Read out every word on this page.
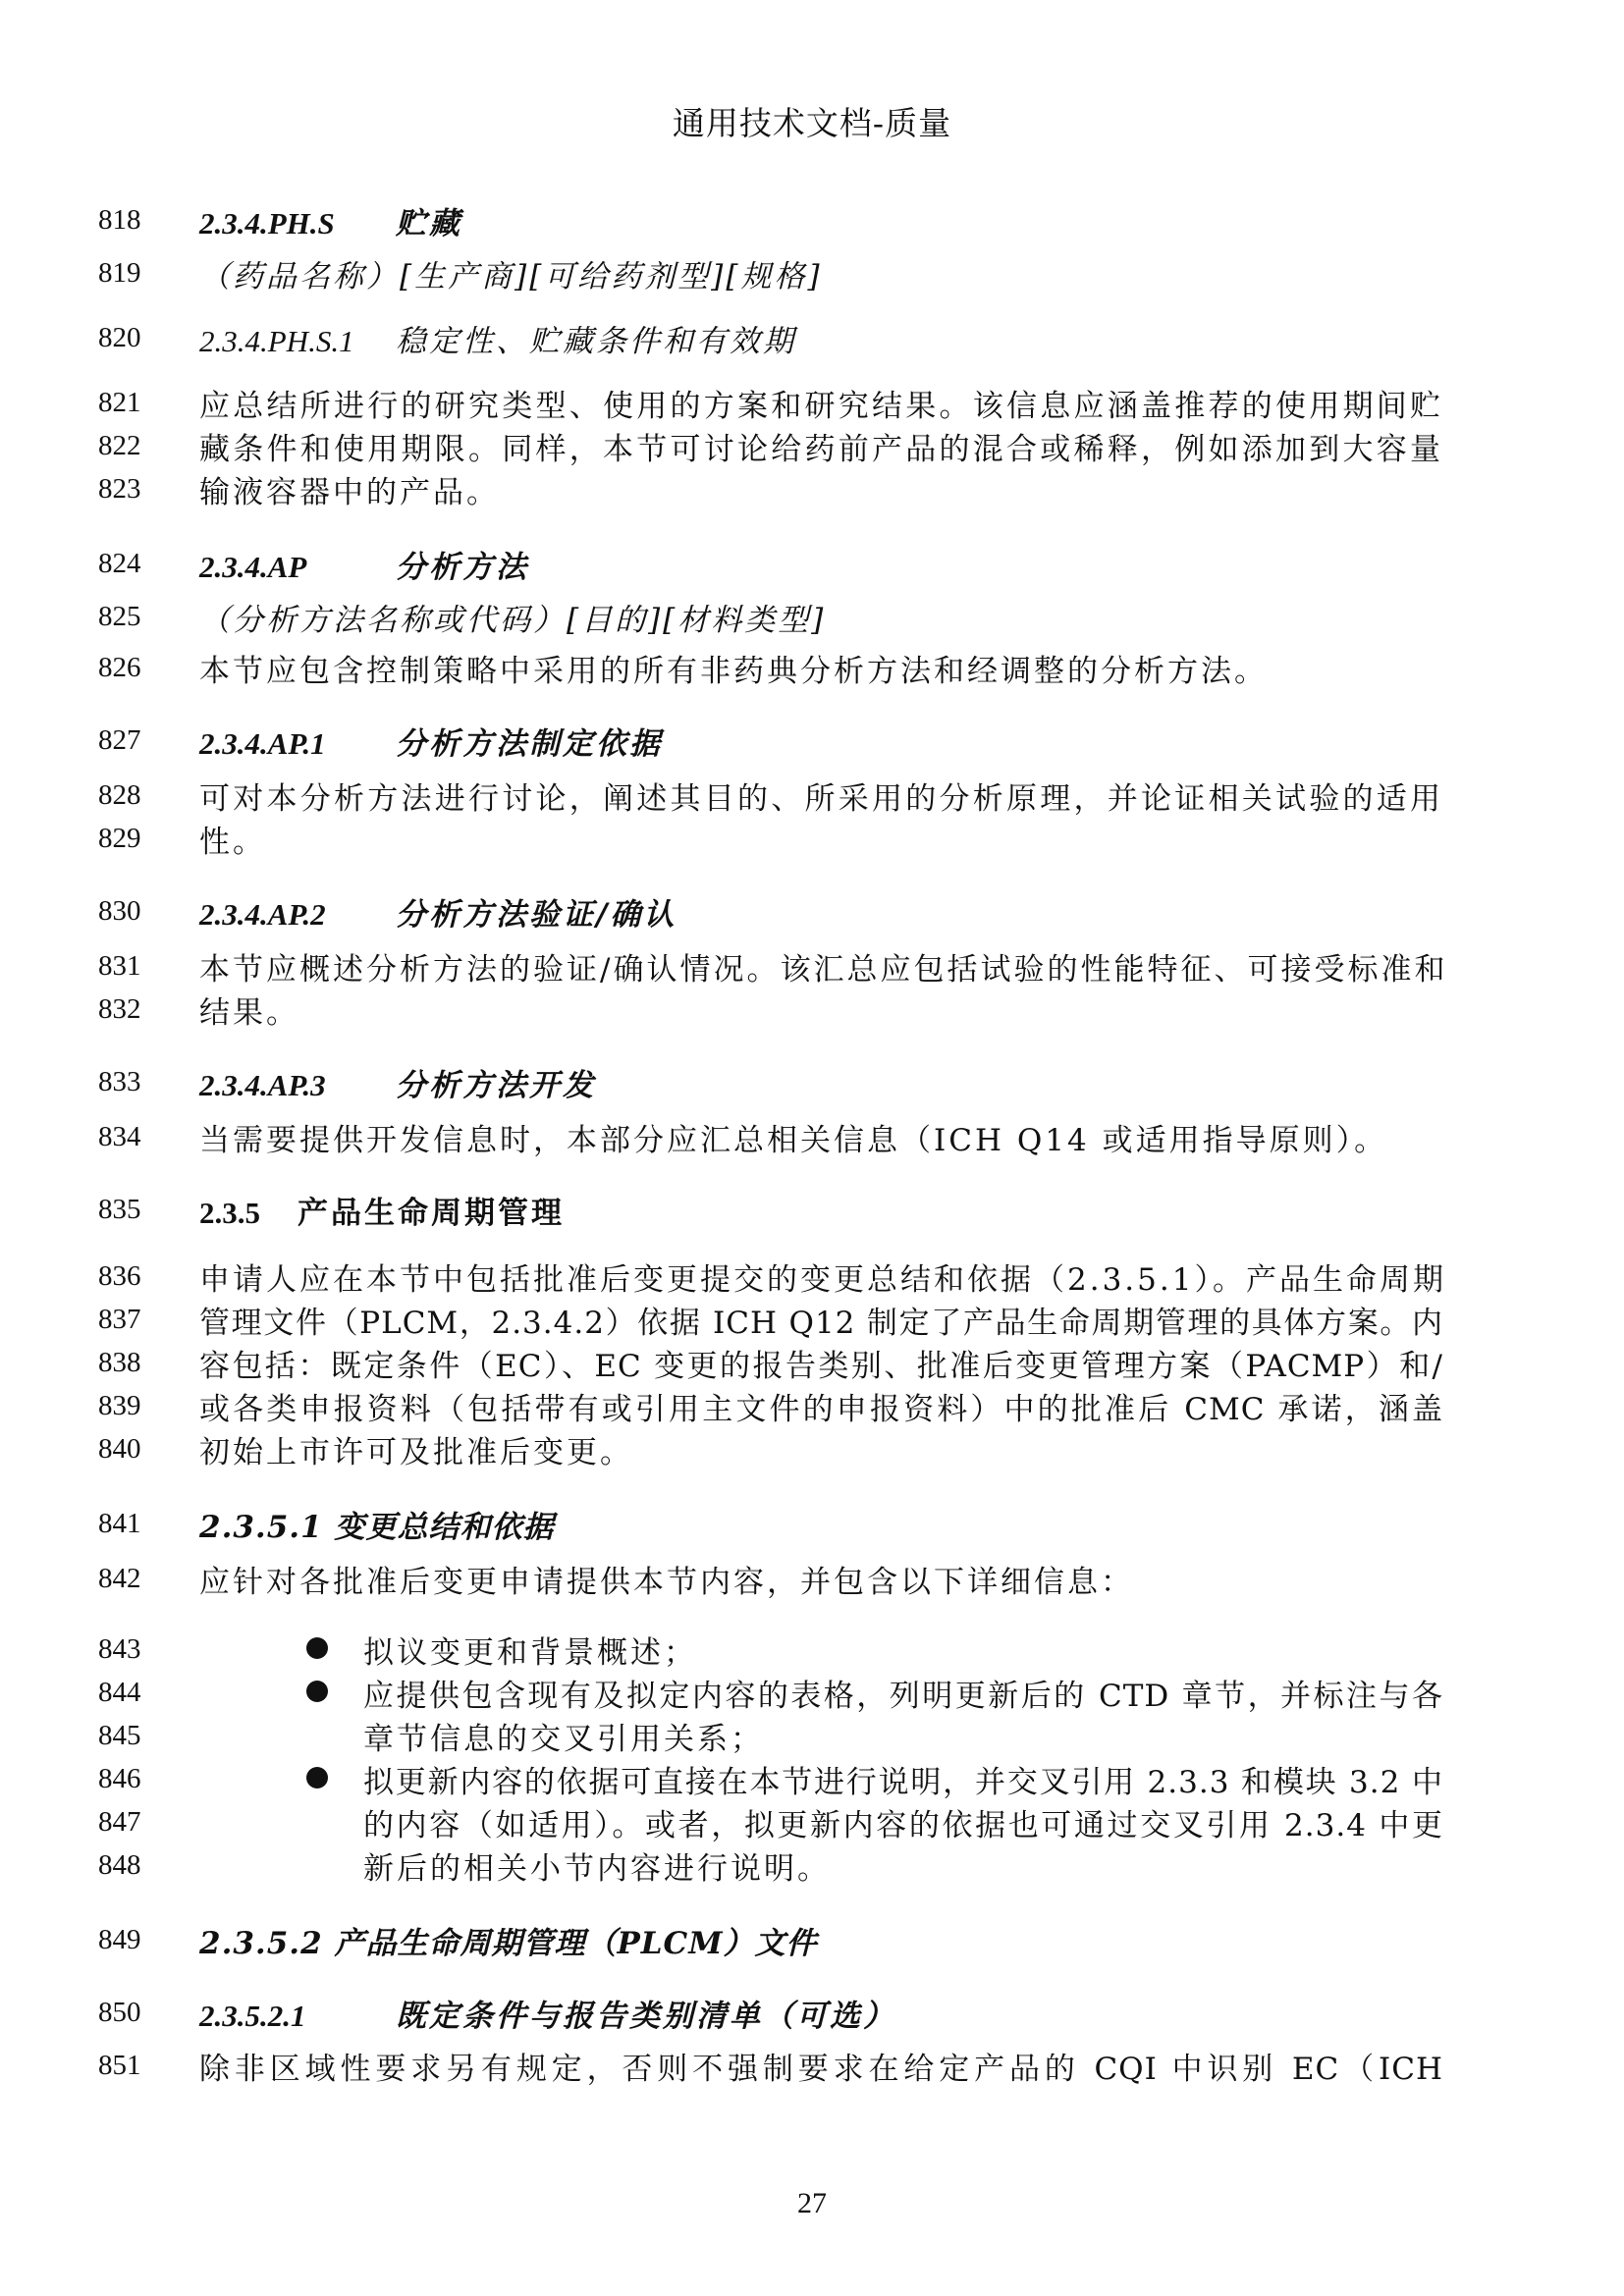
通用技术文档-质量
818	2.3.4.PH.S 贮藏
819	（药品名称）[生产商][可给药剂型][规格]
820	2.3.4.PH.S.1 稳定性、贮藏条件和有效期
821	应总结所进行的研究类型、使用的方案和研究结果。该信息应涵盖推荐的使用期间贮
822	藏条件和使用期限。同样，本节可讨论给药前产品的混合或稀释，例如添加到大容量
823	输液容器中的产品。
824	2.3.4.AP	分析方法
825	（分析方法名称或代码）[目的][材料类型]
826	本节应包含控制策略中采用的所有非药典分析方法和经调整的分析方法。
827	2.3.4.AP.1 分析方法制定依据
828	可对本分析方法进行讨论，阐述其目的、所采用的分析原理，并论证相关试验的适用
829	性。
830	2.3.4.AP.2 分析方法验证/确认
831	本节应概述分析方法的验证/确认情况。该汇总应包括试验的性能特征、可接受标准和
832	结果。
833	2.3.4.AP.3 分析方法开发
834	当需要提供开发信息时，本部分应汇总相关信息（ICH Q14 或适用指导原则）。
835	2.3.5 产品生命周期管理
836	申请人应在本节中包括批准后变更提交的变更总结和依据（2.3.5.1）。产品生命周期
837	管理文件（PLCM，2.3.4.2）依据 ICH Q12 制定了产品生命周期管理的具体方案。内
838	容包括：既定条件（EC）、EC 变更的报告类别、批准后变更管理方案（PACMP）和/
839	或各类申报资料（包括带有或引用主文件的申报资料）中的批准后 CMC 承诺，涵盖
840	初始上市许可及批准后变更。
841	2.3.5.1 变更总结和依据
842	应针对各批准后变更申请提供本节内容，并包含以下详细信息：
843	拟议变更和背景概述；
844	应提供包含现有及拟定内容的表格，列明更新后的 CTD 章节，并标注与各
845	章节信息的交叉引用关系；
846	拟更新内容的依据可直接在本节进行说明，并交叉引用 2.3.3 和模块 3.2 中
847	的内容（如适用）。或者，拟更新内容的依据也可通过交叉引用 2.3.4 中更
848	新后的相关小节内容进行说明。
849	2.3.5.2 产品生命周期管理（PLCM）文件
850	2.3.5.2.1	既定条件与报告类别清单（可选）
851	除非区域性要求另有规定，否则不强制要求在给定产品的 CQI 中识别 EC（ICH
27
